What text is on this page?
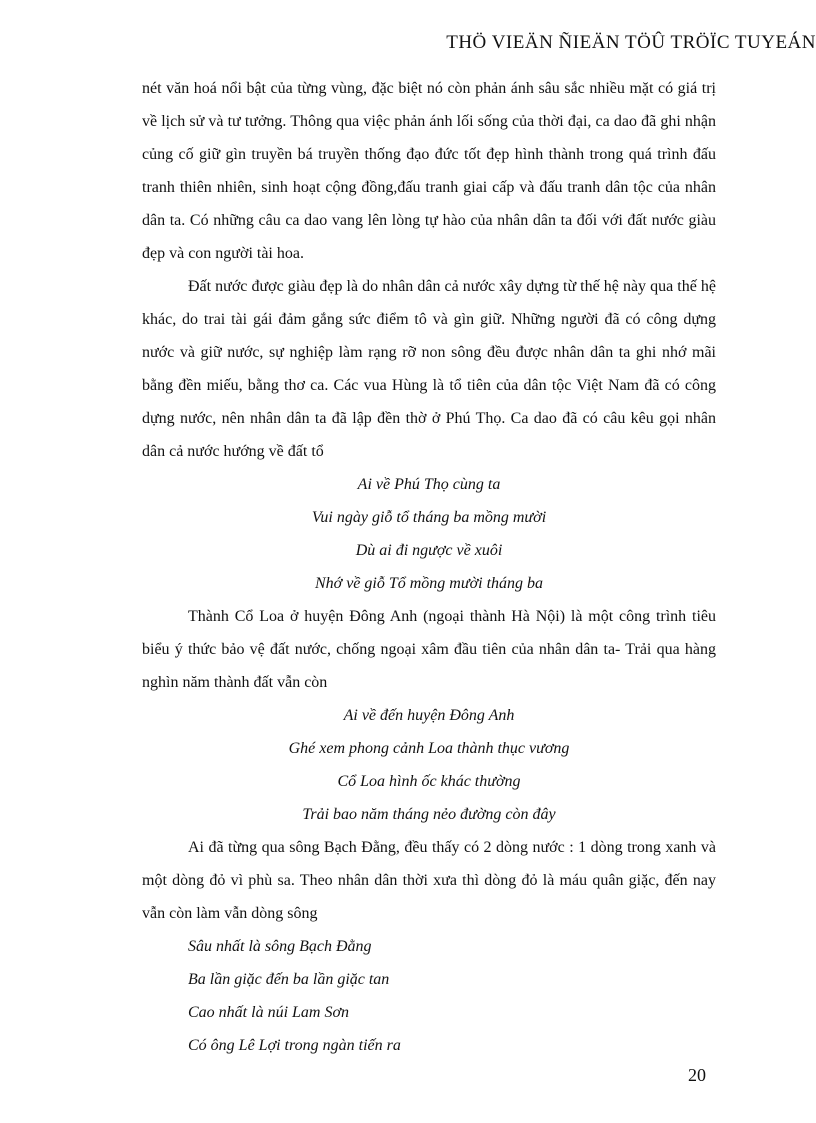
THÖ VIEÄN ÑIEÄN TÖÛ TRÖÏC TUYEÁN

nét văn hoá nổi bật của từng vùng, đặc biệt nó còn phản ánh sâu sắc nhiều mặt có giá trị về lịch sử và tư tưởng. Thông qua việc phản ánh lối sống của thời đại, ca dao đã ghi nhận củng cố giữ gìn truyền bá truyền thống đạo đức tốt đẹp hình thành trong quá trình đấu tranh thiên nhiên, sinh hoạt cộng đồng,đấu tranh giai cấp và đấu tranh dân tộc của nhân dân ta. Có những câu ca dao vang lên lòng tự hào của nhân dân ta đối với đất nước giàu đẹp và con người tài hoa.

Đất nước được giàu đẹp là do nhân dân cả nước xây dựng từ thế hệ này qua thế hệ khác, do trai tài gái đảm gắng sức điểm tô và gìn giữ. Những người đã có công dựng nước và giữ nước, sự nghiệp làm rạng rỡ non sông đều được nhân dân ta ghi nhớ mãi bằng đền miếu, bằng thơ ca. Các vua Hùng là tổ tiên của dân tộc Việt Nam đã có công dựng nước, nên nhân dân ta đã lập đền thờ ở Phú Thọ. Ca dao đã có câu kêu gọi nhân dân cả nước hướng về đất tổ

Ai về Phú Thọ cùng ta

Vui ngày giỗ tổ tháng ba mồng mười

Dù ai đi ngược về xuôi

Nhớ về giỗ Tổ mồng mười tháng ba

Thành Cổ Loa ở huyện Đông Anh (ngoại thành Hà Nội) là một công trình tiêu biểu ý thức bảo vệ đất nước, chống ngoại xâm đầu tiên của nhân dân ta- Trải qua hàng nghìn năm thành đất vẫn còn

Ai về đến huyện Đông Anh

Ghé xem phong cảnh Loa thành thục vương

Cổ Loa hình ốc khác thường

Trải bao năm tháng nẻo đường còn đây

Ai đã từng qua sông Bạch Đằng, đều thấy có 2 dòng nước : 1 dòng trong xanh và một dòng đỏ vì phù sa. Theo nhân dân thời xưa thì dòng đỏ là máu quân giặc, đến nay vẫn còn làm vẫn dòng sông

Sâu nhất là sông Bạch Đằng

Ba lần giặc đến ba lần giặc tan

Cao nhất là núi Lam Sơn

Có ông Lê Lợi trong ngàn tiến ra

20
